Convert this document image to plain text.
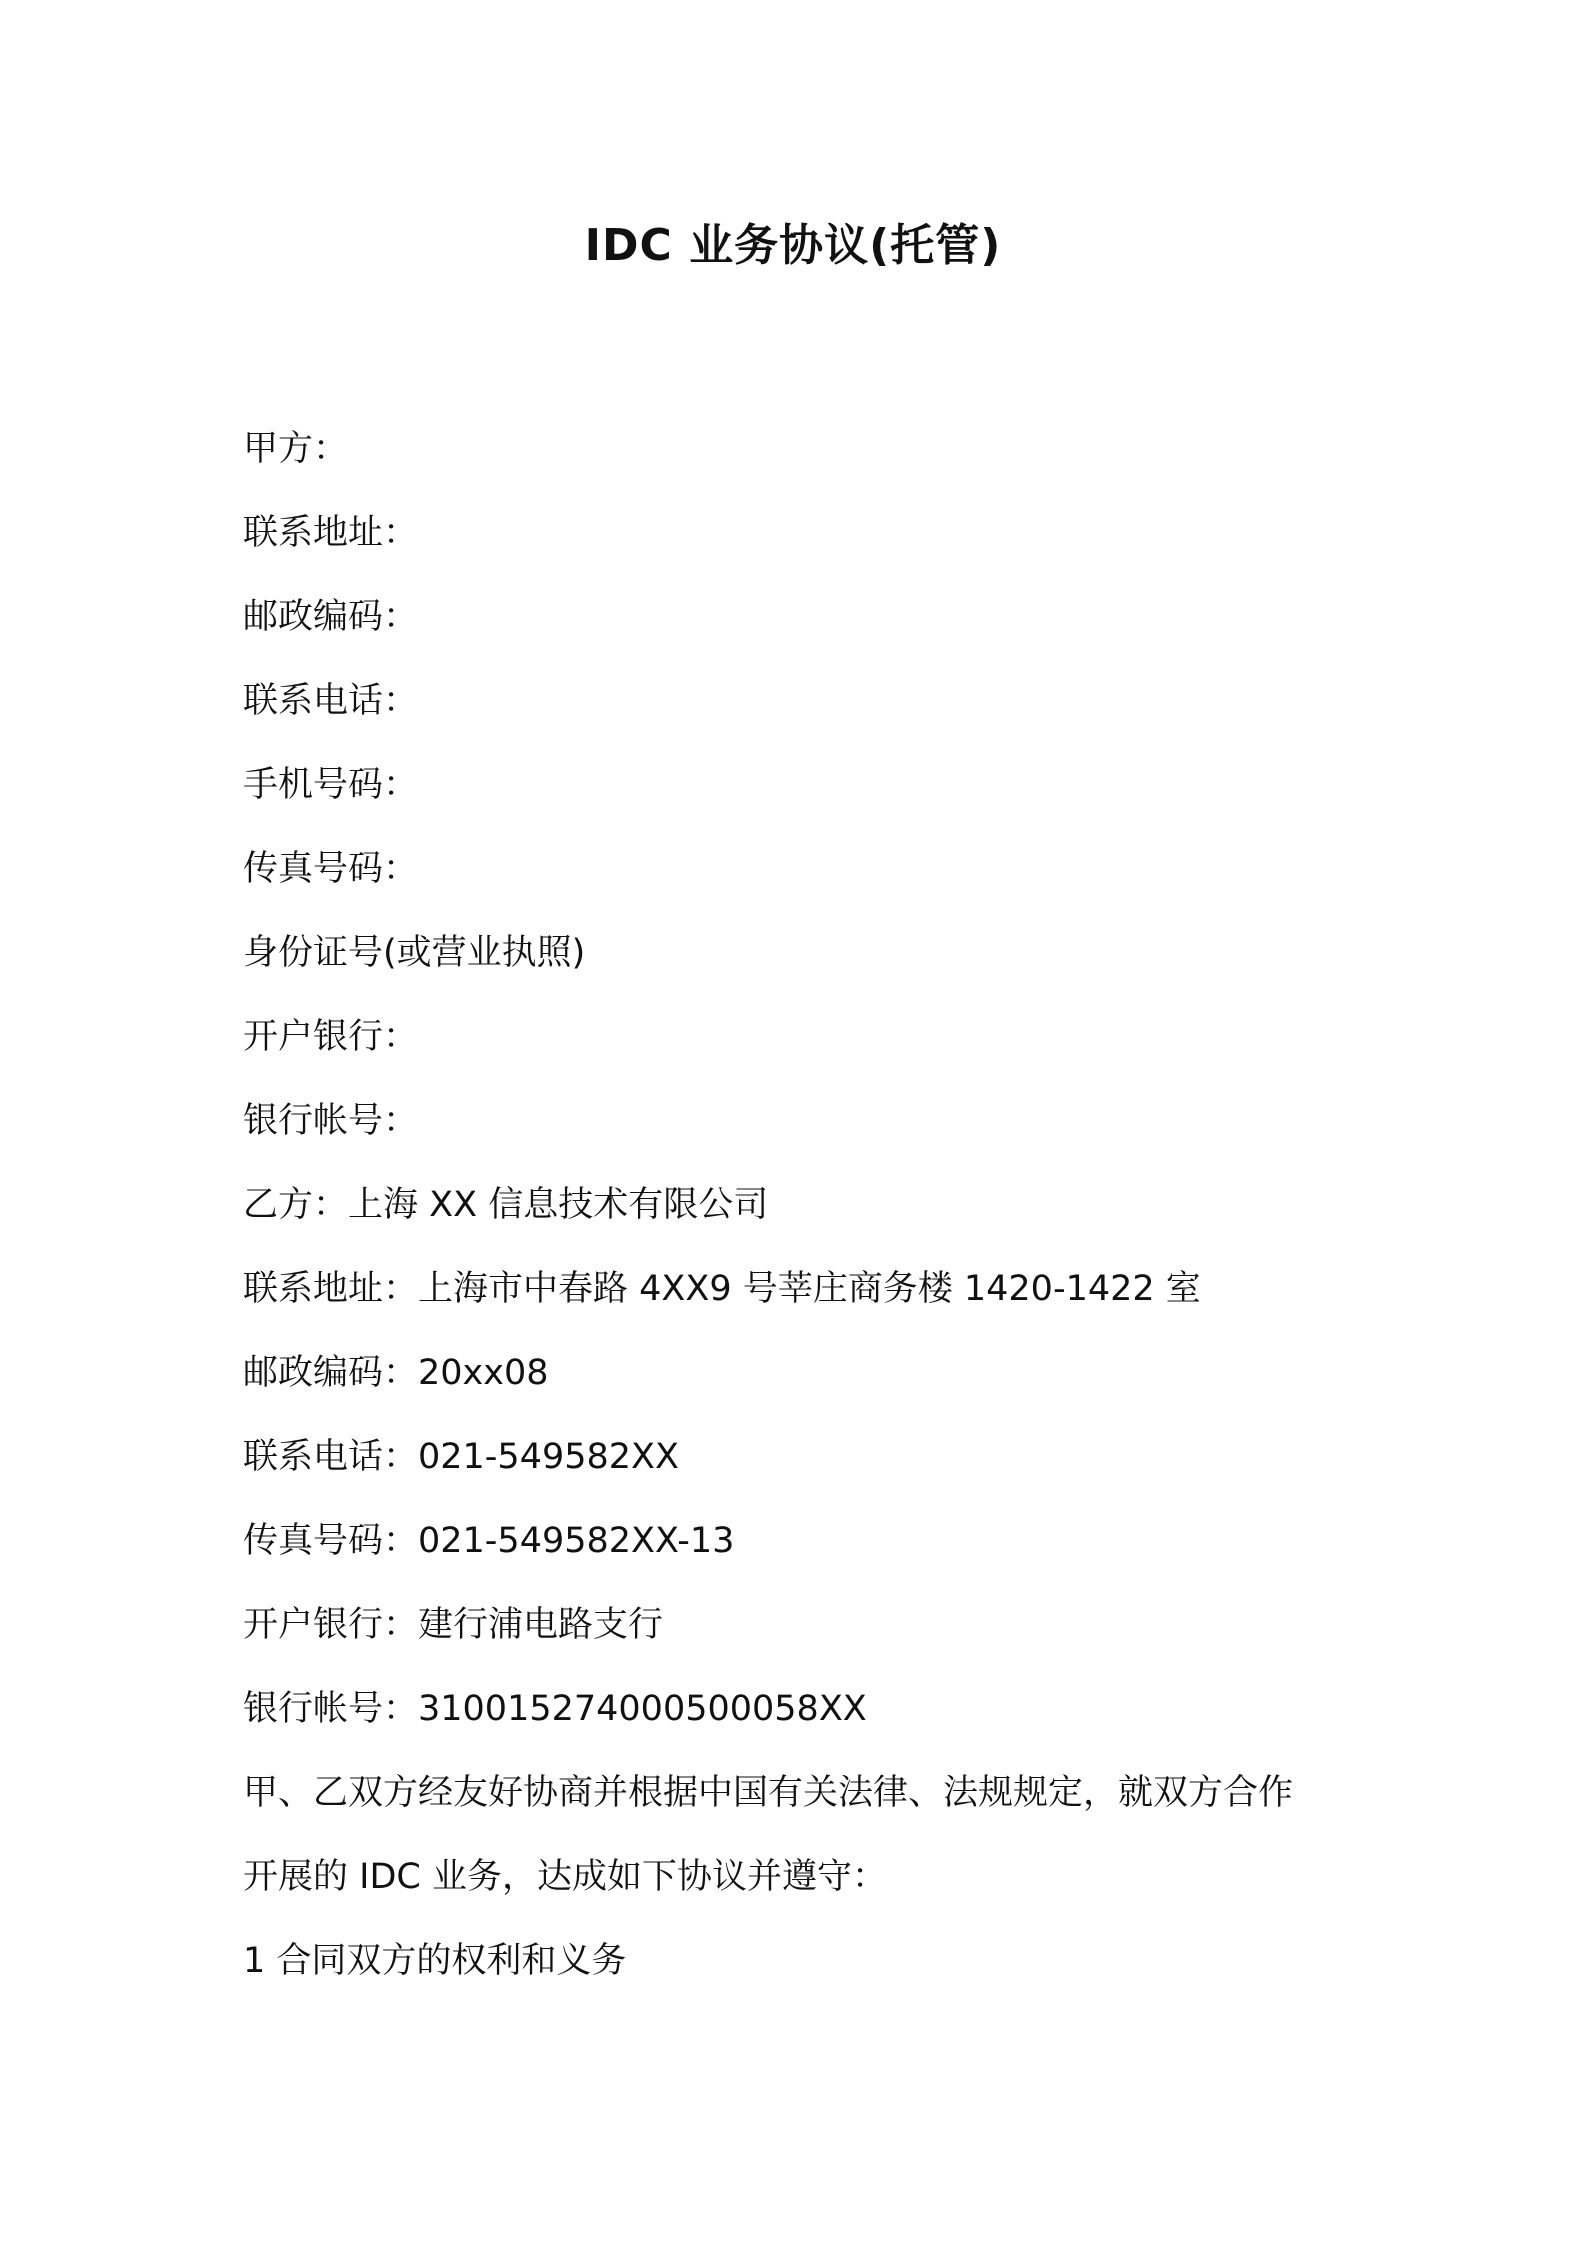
IDC 业务协议(托管)
甲方：
联系地址：
邮政编码：
联系电话：
手机号码：
传真号码：
身份证号(或营业执照)
开户银行：
银行帐号：
乙方：上海 XX 信息技术有限公司
联系地址：上海市中春路 4XX9 号莘庄商务楼 1420-1422 室
邮政编码：20xx08
联系电话：021-549582XX
传真号码：021-549582XX-13
开户银行：建行浦电路支行
银行帐号：310015274000500058XX
甲、乙双方经友好协商并根据中国有关法律、法规规定，就双方合作
开展的 IDC 业务，达成如下协议并遵守：
1 合同双方的权利和义务
